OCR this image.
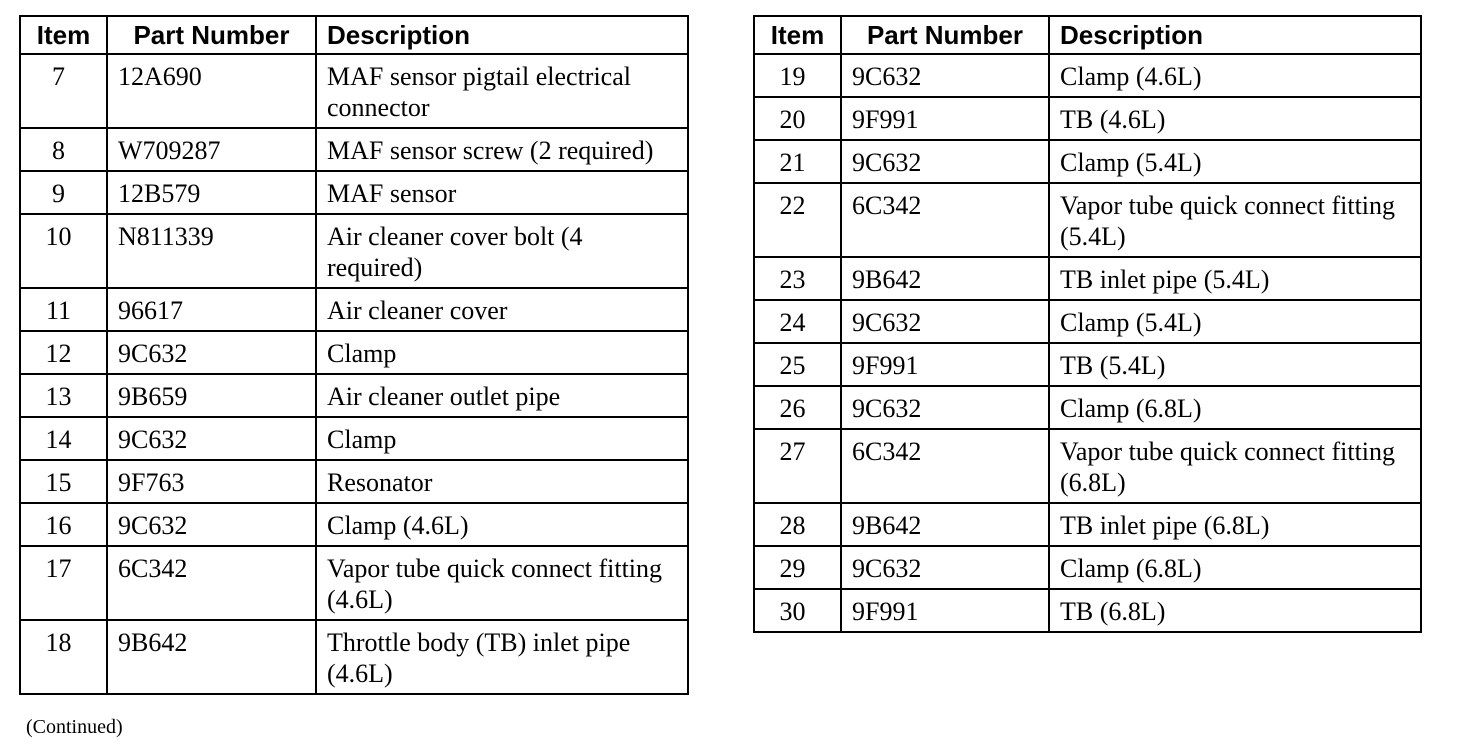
Item	Part Number	Description
7	12A690	MAF sensor pigtail electrical connector
8	W709287	MAF sensor screw (2 required)
9	12B579	MAF sensor
10	N811339	Air cleaner cover bolt (4 required)
11	96617	Air cleaner cover
12	9C632	Clamp
13	9B659	Air cleaner outlet pipe
14	9C632	Clamp
15	9F763	Resonator
16	9C632	Clamp (4.6L)
17	6C342	Vapor tube quick connect fitting (4.6L)
18	9B642	Throttle body (TB) inlet pipe (4.6L)
Item	Part Number	Description
19	9C632	Clamp (4.6L)
20	9F991	TB (4.6L)
21	9C632	Clamp (5.4L)
22	6C342	Vapor tube quick connect fitting (5.4L)
23	9B642	TB inlet pipe (5.4L)
24	9C632	Clamp (5.4L)
25	9F991	TB (5.4L)
26	9C632	Clamp (6.8L)
27	6C342	Vapor tube quick connect fitting (6.8L)
28	9B642	TB inlet pipe (6.8L)
29	9C632	Clamp (6.8L)
30	9F991	TB (6.8L)
(Continued)
